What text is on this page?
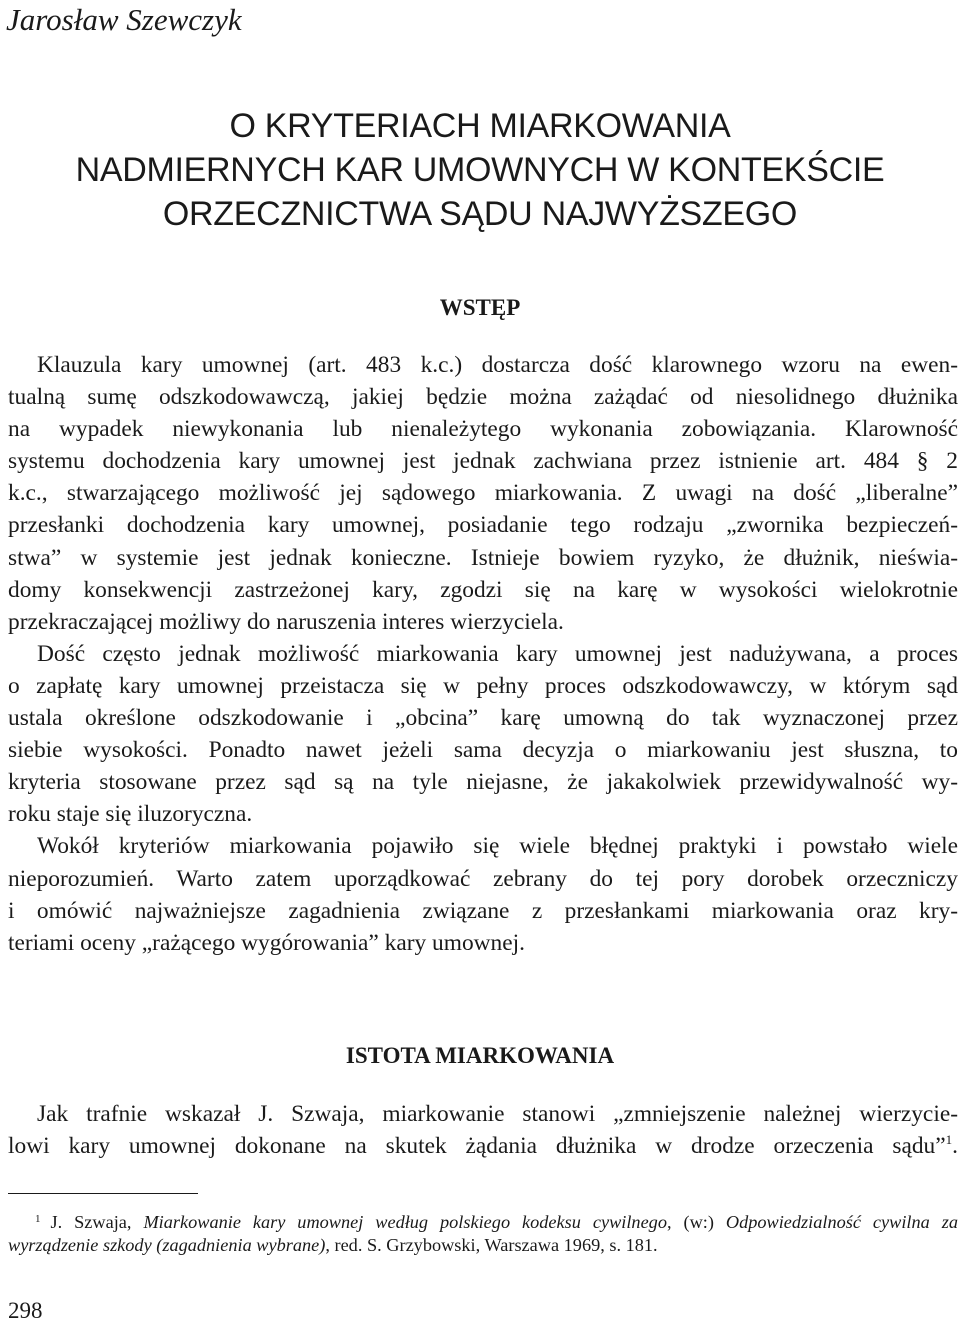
Jarosław Szewczyk
O KRYTERIACH MIARKOWANIA
NADMIERNYCH KAR UMOWNYCH W KONTEKŚCIE
ORZECZNICTWA SĄDU NAJWYŻSZEGO
WSTĘP
Klauzula kary umownej (art. 483 k.c.) dostarcza dość klarownego wzoru na ewen-
tualną sumę odszkodowawczą, jakiej będzie można zażądać od niesolidnego dłużnika
na wypadek niewykonania lub nienależytego wykonania zobowiązania. Klarowność
systemu dochodzenia kary umownej jest jednak zachwiana przez istnienie art. 484 § 2
k.c., stwarzającego możliwość jej sądowego miarkowania. Z uwagi na dość „liberalne”
przesłanki dochodzenia kary umownej, posiadanie tego rodzaju „zwornika bezpieczeń-
stwa” w systemie jest jednak konieczne. Istnieje bowiem ryzyko, że dłużnik, nieświa-
domy konsekwencji zastrzeżonej kary, zgodzi się na karę w wysokości wielokrotnie
przekraczającej możliwy do naruszenia interes wierzyciela.
Dość często jednak możliwość miarkowania kary umownej jest nadużywana, a proces
o zapłatę kary umownej przeistacza się w pełny proces odszkodowawczy, w którym sąd
ustala określone odszkodowanie i „obcina” karę umowną do tak wyznaczonej przez
siebie wysokości. Ponadto nawet jeżeli sama decyzja o miarkowaniu jest słuszna, to
kryteria stosowane przez sąd są na tyle niejasne, że jakakolwiek przewidywalność wy-
roku staje się iluzoryczna.
Wokół kryteriów miarkowania pojawiło się wiele błędnej praktyki i powstało wiele
nieporozumień. Warto zatem uporządkować zebrany do tej pory dorobek orzeczniczy
i omówić najważniejsze zagadnienia związane z przesłankami miarkowania oraz kry-
teriami oceny „rażącego wygórowania” kary umownej.
ISTOTA MIARKOWANIA
Jak trafnie wskazał J. Szwaja, miarkowanie stanowi „zmniejszenie należnej wierzycie-
lowi kary umownej dokonane na skutek żądania dłużnika w drodze orzeczenia sądu”$^1$.
$^1$ J. Szwaja, Miarkowanie kary umownej według polskiego kodeksu cywilnego, (w:) Odpowiedzialność cywilna za
wyrządzenie szkody (zagadnienia wybrane), red. S. Grzybowski, Warszawa 1969, s. 181.
298
